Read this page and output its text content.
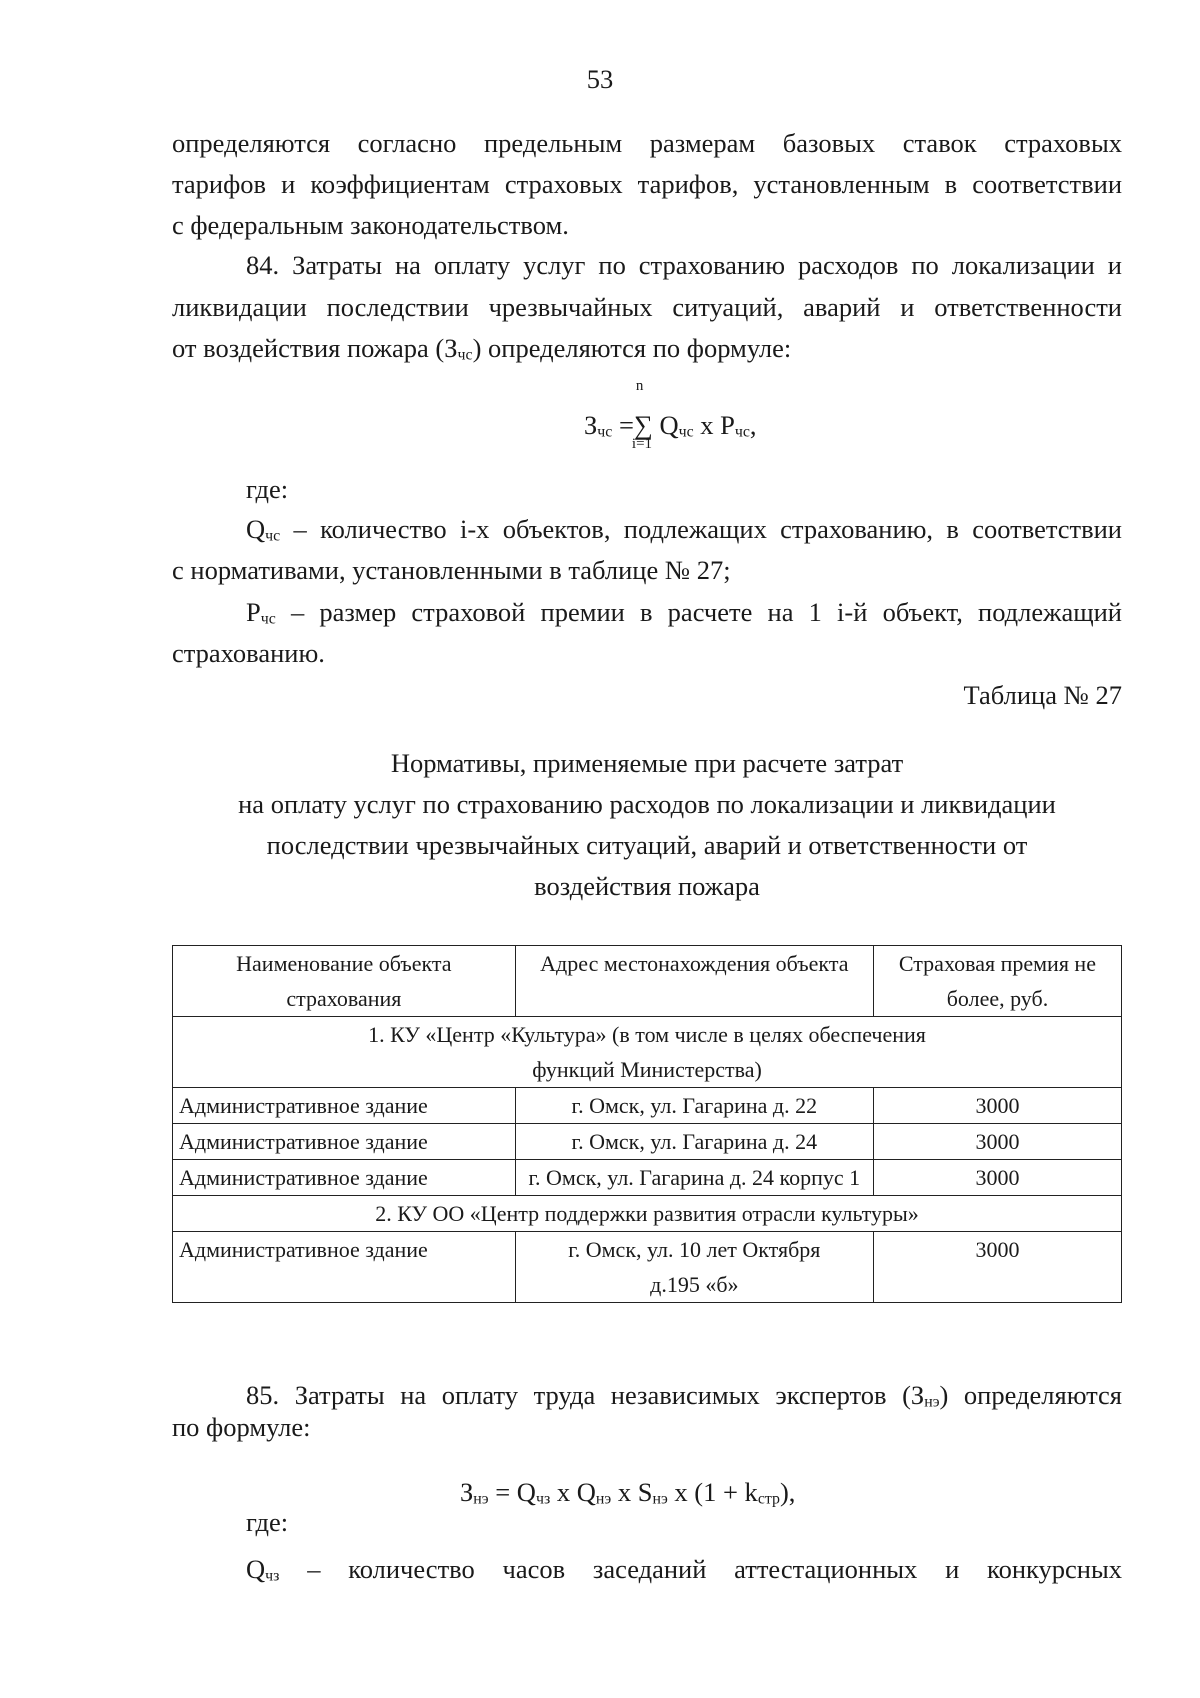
53
определяются согласно предельным размерам базовых ставок страховых
тарифов и коэффициентам страховых тарифов, установленным в соответствии
с федеральным законодательством.
84. Затраты на оплату услуг по страхованию расходов по локализации и
ликвидации последствии чрезвычайных ситуаций, аварий и ответственности
от воздействия пожара $(З_{чс})$ определяются по формуле:
$З_{чс}$ =∑
n
i=1
$Q_{чс}$ x $P_{чс}$,
где:
$Q_{чс}$ – количество i-х объектов, подлежащих страхованию, в соответствии
с нормативами, установленными в таблице № 27;
$P_{чс}$ – размер страховой премии в расчете на 1 i-й объект, подлежащий
страхованию.
Таблица № 27
Нормативы, применяемые при расчете затрат
на оплату услуг по страхованию расходов по локализации и ликвидации
последствии чрезвычайных ситуаций, аварий и ответственности от
воздействия пожара
Наименование объекта страхования	Адрес местонахождения объекта	Страховая премия не более, руб.
1. КУ «Центр «Культура» (в том числе в целях обеспечения функций Министерства)		
Административное здание	г. Омск, ул. Гагарина д. 22	3000
Административное здание	г. Омск, ул. Гагарина д. 24	3000
Административное здание	г. Омск, ул. Гагарина д. 24 корпус 1	3000
2. КУ ОО «Центр поддержки развития отрасли культуры»		
Административное здание	г. Омск, ул. 10 лет Октября д.195 «б»	3000
85. Затраты на оплату труда независимых экспертов $(З_{нэ})$ определяются
по формуле:
$З_{нэ} = Q_{чз}$ x $Q_{нэ}$ x $S_{нэ}$ x $(1 + k_{стр})$,
где:
$Q_{чз}$ – количество часов заседаний аттестационных и конкурсных
